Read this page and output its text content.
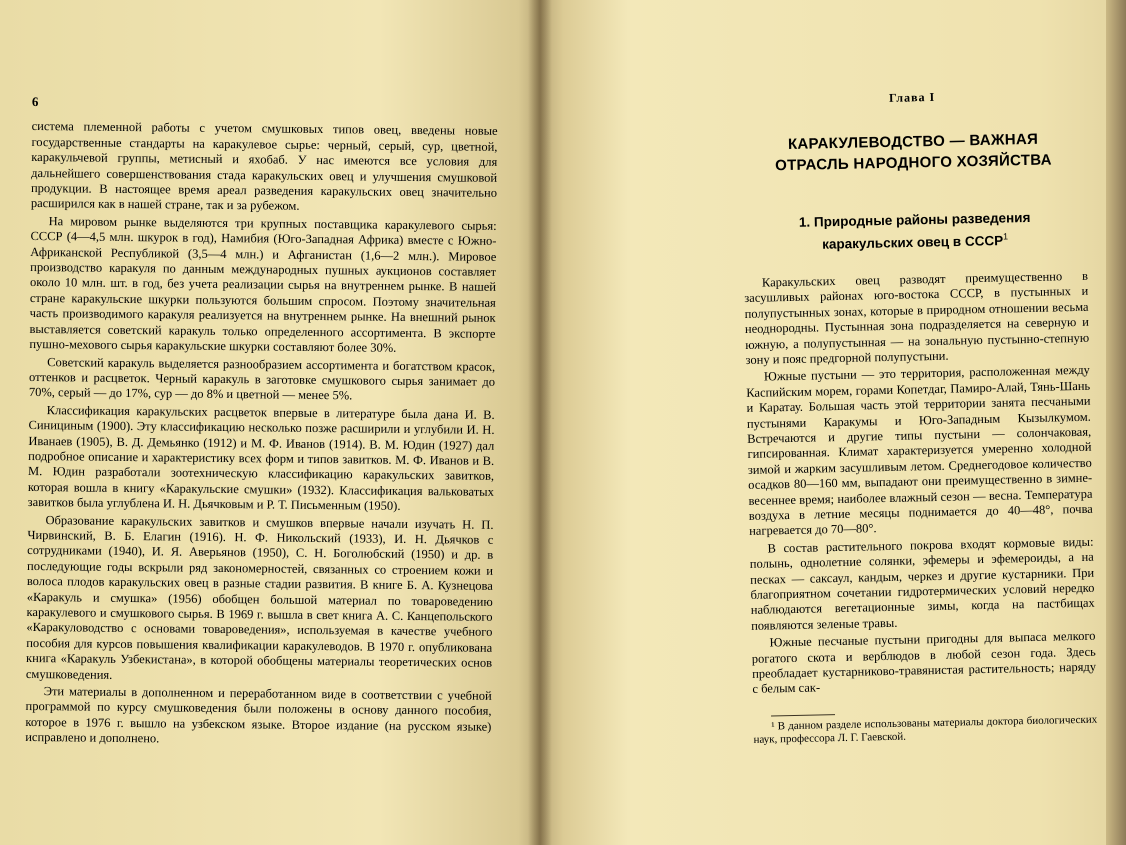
6

система племенной работы с учетом смушковых типов овец, введены новые государственные стандарты на каракулевое сырье: черный, серый, сур, цветной, каракульчевой группы, метисный и яхобаб. У нас имеются все условия для дальнейшего совершенствования стада каракульских овец и улучшения смушковой продукции. В настоящее время ареал разведения каракульских овец значительно расширился как в нашей стране, так и за рубежом.

На мировом рынке выделяются три крупных поставщика каракулевого сырья: СССР (4—4,5 млн. шкурок в год), Намибия (Юго-Западная Африка) вместе с Южно-Африканской Республикой (3,5—4 млн.) и Афганистан (1,6—2 млн.). Мировое производство каракуля по данным международных пушных аукционов составляет около 10 млн. шт. в год, без учета реализации сырья на внутреннем рынке. В нашей стране каракульские шкурки пользуются большим спросом. Поэтому значительная часть производимого каракуля реализуется на внутреннем рынке. На внешний рынок выставляется советский каракуль только определенного ассортимента. В экспорте пушно-мехового сырья каракульские шкурки составляют более 30%.

Советский каракуль выделяется разнообразием ассортимента и богатством красок, оттенков и расцветок. Черный каракуль в заготовке смушкового сырья занимает до 70%, серый — до 17%, сур — до 8% и цветной — менее 5%.

Классификация каракульских расцветок впервые в литературе была дана И. В. Синициным (1900). Эту классификацию несколько позже расширили и углубили И. Н. Иванаев (1905), В. Д. Демьянко (1912) и М. Ф. Иванов (1914). В. М. Юдин (1927) дал подробное описание и характеристику всех форм и типов завитков. М. Ф. Иванов и В. М. Юдин разработали зоотехническую классификацию каракульских завитков, которая вошла в книгу «Каракульские смушки» (1932). Классификация вальковатых завитков была углублена И. Н. Дьячковым и Р. Т. Письменным (1950).

Образование каракульских завитков и смушков впервые начали изучать Н. П. Чирвинский, В. Б. Елагин (1916). Н. Ф. Никольский (1933), И. Н. Дьячков с сотрудниками (1940), И. Я. Аверьянов (1950), С. Н. Боголюбский (1950) и др. в последующие годы вскрыли ряд закономерностей, связанных со строением кожи и волоса плодов каракульских овец в разные стадии развития. В книге Б. А. Кузнецова «Каракуль и смушка» (1956) обобщен большой материал по товароведению каракулевого и смушкового сырья. В 1969 г. вышла в свет книга А. С. Канцепольского «Каракуловодство с основами товароведения», используемая в качестве учебного пособия для курсов повышения квалификации каракулеводов. В 1970 г. опубликована книга «Каракуль Узбекистана», в которой обобщены материалы теоретических основ смушковедения.

Эти материалы в дополненном и переработанном виде в соответствии с учебной программой по курсу смушковедения были положены в основу данного пособия, которое в 1976 г. вышло на узбекском языке. Второе издание (на русском языке) исправлено и дополнено.

Глава I
КАРАКУЛЕВОДСТВО — ВАЖНАЯ
ОТРАСЛЬ НАРОДНОГО ХОЗЯЙСТВА
1. Природные районы разведения
каракульских овец в СССР$^1$

Каракульских овец разводят преимущественно в засушливых районах юго-востока СССР, в пустынных и полупустынных зонах, которые в природном отношении весьма неоднородны. Пустынная зона подразделяется на северную и южную, а полупустынная — на зональную пустынно-степную зону и пояс предгорной полупустыни.

Южные пустыни — это территория, расположенная между Каспийским морем, горами Копетдаг, Памиро-Алай, Тянь-Шань и Каратау. Большая часть этой территории занята песчаными пустынями Каракумы и Юго-Западным Кызылкумом. Встречаются и другие типы пустыни — солончаковая, гипсированная. Климат характеризуется умеренно холодной зимой и жарким засушливым летом. Среднегодовое количество осадков 80—160 мм, выпадают они преимущественно в зимне-весеннее время; наиболее влажный сезон — весна. Температура воздуха в летние месяцы поднимается до 40—48°, почва нагревается до 70—80°.

В состав растительного покрова входят кормовые виды: полынь, однолетние солянки, эфемеры и эфемероиды, а на песках — саксаул, кандым, черкез и другие кустарники. При благоприятном сочетании гидротермических условий нередко наблюдаются вегетационные зимы, когда на пастбищах появляются зеленые травы.

Южные песчаные пустыни пригодны для выпаса мелкого рогатого скота и верблюдов в любой сезон года. Здесь преобладает кустарниково-травянистая растительность; наряду с белым сак-

¹ В данном разделе использованы материалы доктора биологических наук, профессора Л. Г. Гаевской.
